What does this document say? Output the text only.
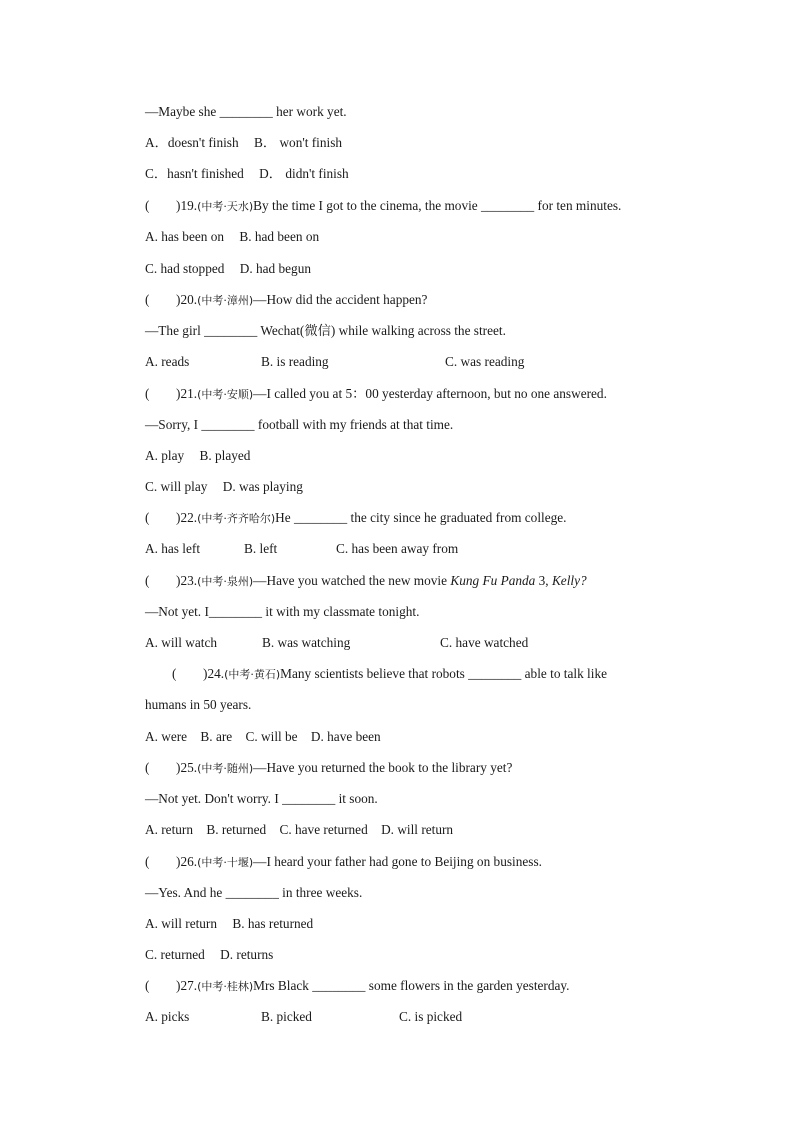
—Maybe she ________ her work yet.
A．doesn't finish B． won't finish
C．hasn't finished D． didn't finish
(　　)19.(中考·天水)By the time I got to the cinema, the movie ________ for ten minutes.
A. has been on B. had been on
C. had stopped D. had begun
(　　)20.(中考·漳州)—How did the accident happen?
—The girl ________ Wechat(微信) while walking across the street.
A. reads	B. is reading	C. was reading
(　　)21.(中考·安顺)—I called you at 5：00 yesterday afternoon, but no one answered.
—Sorry, I ________ football with my friends at that time.
A. play B. played
C. will play D. was playing
(　　)22.(中考·齐齐哈尔)He ________ the city since he graduated from college.
A. has left	B. left	C. has been away from
(　　)23.(中考·泉州)—Have you watched the new movie Kung Fu Panda 3, Kelly?
—Not yet. I________ it with my classmate tonight.
A. will watch	B. was watching	C. have watched
(　　)24.(中考·黄石)Many scientists believe that robots ________ able to talk like
humans in 50 years.
A. were B. are C. will be D. have been
(　　)25.(中考·随州)—Have you returned the book to the library yet?
—Not yet. Don't worry. I ________ it soon.
A. return B. returned C. have returned D. will return
(　　)26.(中考·十堰)—I heard your father had gone to Beijing on business.
—Yes. And he ________ in three weeks.
A. will return B. has returned
C. returned D. returns
(　　)27.(中考·桂林)Mrs Black ________ some flowers in the garden yesterday.
A. picks	B. picked	C. is picked
